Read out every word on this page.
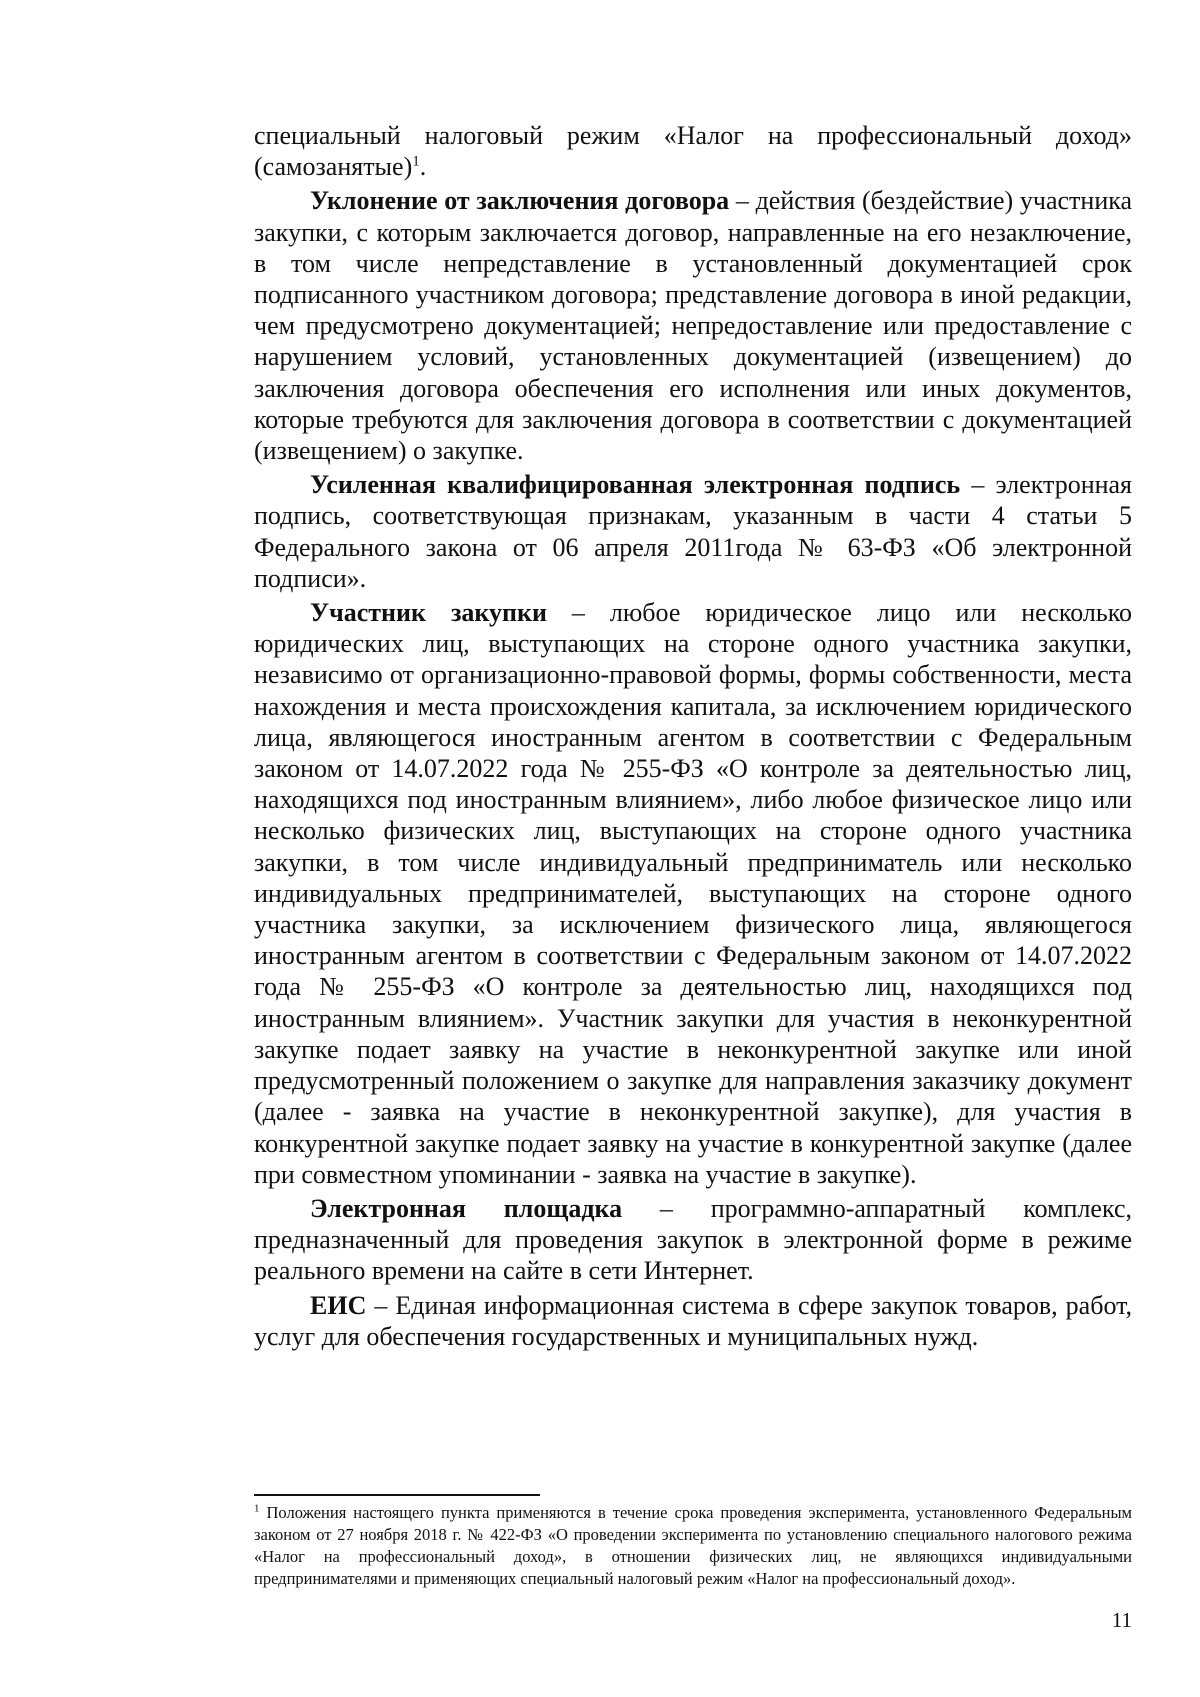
специальный налоговый режим «Налог на профессиональный доход» (самозанятые)$^1$.

Уклонение от заключения договора – действия (бездействие) участника закупки, с которым заключается договор, направленные на его незаключение, в том числе непредставление в установленный документацией срок подписанного участником договора; представление договора в иной редакции, чем предусмотрено документацией; непредоставление или предоставление с нарушением условий, установленных документацией (извещением) до заключения договора обеспечения его исполнения или иных документов, которые требуются для заключения договора в соответствии с документацией (извещением) о закупке.

Усиленная квалифицированная электронная подпись – электронная подпись, соответствующая признакам, указанным в части 4 статьи 5 Федерального закона от 06 апреля 2011года № 63-ФЗ «Об электронной подписи».

Участник закупки – любое юридическое лицо или несколько юридических лиц, выступающих на стороне одного участника закупки, независимо от организационно-правовой формы, формы собственности, места нахождения и места происхождения капитала, за исключением юридического лица, являющегося иностранным агентом в соответствии с Федеральным законом от 14.07.2022 года № 255-ФЗ «О контроле за деятельностью лиц, находящихся под иностранным влиянием», либо любое физическое лицо или несколько физических лиц, выступающих на стороне одного участника закупки, в том числе индивидуальный предприниматель или несколько индивидуальных предпринимателей, выступающих на стороне одного участника закупки, за исключением физического лица, являющегося иностранным агентом в соответствии с Федеральным законом от 14.07.2022 года № 255-ФЗ «О контроле за деятельностью лиц, находящихся под иностранным влиянием». Участник закупки для участия в неконкурентной закупке подает заявку на участие в неконкурентной закупке или иной предусмотренный положением о закупке для направления заказчику документ (далее - заявка на участие в неконкурентной закупке), для участия в конкурентной закупке подает заявку на участие в конкурентной закупке (далее при совместном упоминании - заявка на участие в закупке).

Электронная площадка – программно-аппаратный комплекс, предназначенный для проведения закупок в электронной форме в режиме реального времени на сайте в сети Интернет.

ЕИС – Единая информационная система в сфере закупок товаров, работ, услуг для обеспечения государственных и муниципальных нужд.

$^1$ Положения настоящего пункта применяются в течение срока проведения эксперимента, установленного Федеральным законом от 27 ноября 2018 г. № 422-ФЗ «О проведении эксперимента по установлению специального налогового режима «Налог на профессиональный доход», в отношении физических лиц, не являющихся индивидуальными предпринимателями и применяющих специальный налоговый режим «Налог на профессиональный доход».

11
